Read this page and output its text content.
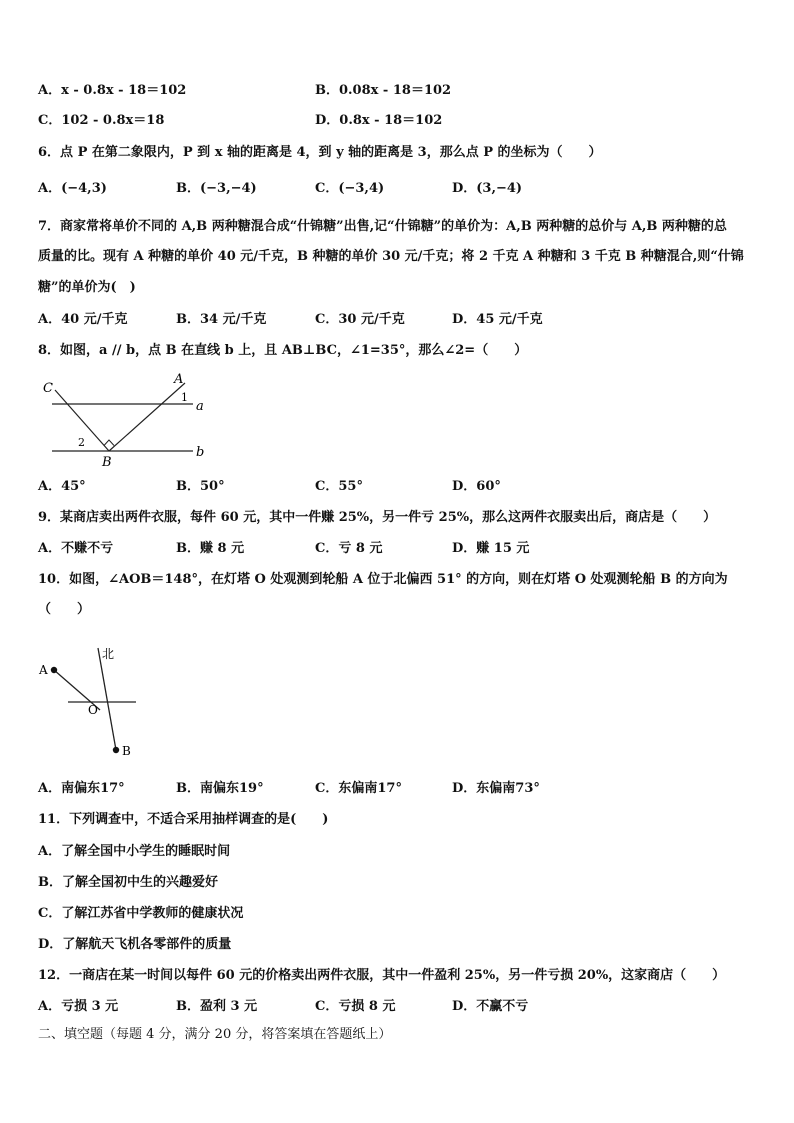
A．x - 0.8x - 18＝102	B．0.08x - 18＝102
C．102 - 0.8x＝18	D．0.8x - 18＝102
6．点 P 在第二象限内，P 到 x 轴的距离是 4，到 y 轴的距离是 3，那么点 P 的坐标为（　　）
A．(−4,3)	B．(−3,−4)	C．(−3,4)	D．(3,−4)
7．商家常将单价不同的 A,B 两种糖混合成“什锦糖”出售,记“什锦糖”的单价为：A,B 两种糖的总价与 A,B 两种糖的总
质量的比。现有 A 种糖的单价 40 元/千克，B 种糖的单价 30 元/千克；将 2 千克 A 种糖和 3 千克 B 种糖混合,则“什锦
糖”的单价为(　)
A．40 元/千克	B．34 元/千克	C．30 元/千克	D．45 元/千克
8．如图，a // b，点 B 在直线 b 上，且 AB⊥BC，∠1=35°，那么∠2=（　　）
C
A
1
a
2
B
b
A．45°	B．50°	C．55°	D．60°
9．某商店卖出两件衣服，每件 60 元，其中一件赚 25%，另一件亏 25%，那么这两件衣服卖出后，商店是（　　）
A．不赚不亏	B．赚 8 元	C．亏 8 元	D．赚 15 元
10．如图，∠AOB＝148°，在灯塔 O 处观测到轮船 A 位于北偏西 51° 的方向，则在灯塔 O 处观测轮船 B 的方向为
（　　）
北
A
O
B
A．南偏东17°	B．南偏东19°	C．东偏南17°	D．东偏南73°
11．下列调查中，不适合采用抽样调查的是(　　)
A．了解全国中小学生的睡眠时间
B．了解全国初中生的兴趣爱好
C．了解江苏省中学教师的健康状况
D．了解航天飞机各零部件的质量
12．一商店在某一时间以每件 60 元的价格卖出两件衣服，其中一件盈利 25%，另一件亏损 20%，这家商店（　　）
A．亏损 3 元	B．盈利 3 元	C．亏损 8 元	D．不赢不亏
二、填空题（每题 4 分，满分 20 分，将答案填在答题纸上）
